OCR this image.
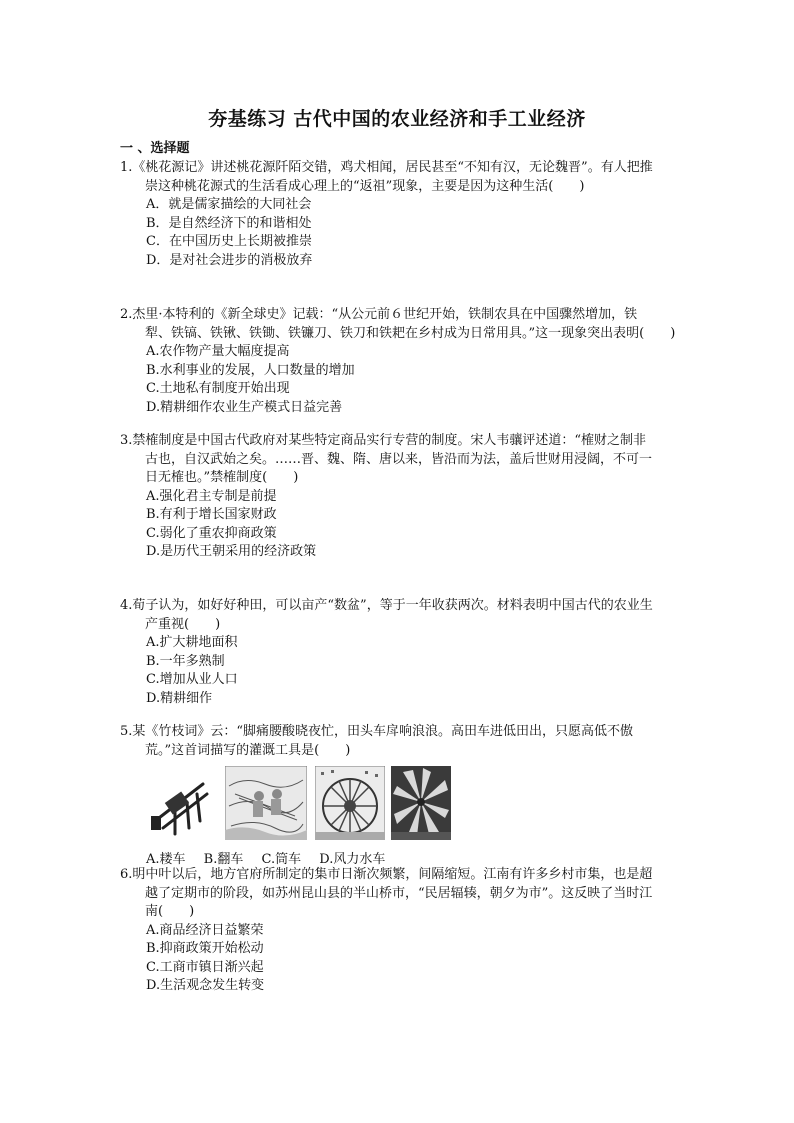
夯基练习 古代中国的农业经济和手工业经济
一 、选择题
1.《桃花源记》讲述桃花源阡陌交错，鸡犬相闻，居民甚至“不知有汉，无论魏晋”。有人把推
崇这种桃花源式的生活看成心理上的“返祖”现象，主要是因为这种生活(　　)
A．就是儒家描绘的大同社会
B．是自然经济下的和谐相处
C．在中国历史上长期被推崇
D．是对社会进步的消极放弃
2.杰里·本特利的《新全球史》记载：“从公元前６世纪开始，铁制农具在中国骤然增加，铁
犁、铁镐、铁锹、铁锄、铁镰刀、铁刀和铁耙在乡村成为日常用具。”这一现象突出表明(　　)
A.农作物产量大幅度提高
B.水利事业的发展，人口数量的增加
C.土地私有制度开始出现
D.精耕细作农业生产模式日益完善
3.禁榷制度是中国古代政府对某些特定商品实行专营的制度。宋人韦骧评述道：“榷财之制非
古也，自汉武始之矣。……晋、魏、隋、唐以来，皆沿而为法，盖后世财用浸阔，不可一
日无榷也。”禁榷制度(　　)
A.强化君主专制是前提
B.有利于增长国家财政
C.弱化了重农抑商政策
D.是历代王朝采用的经济政策
4.荀子认为，如好好种田，可以亩产“数盆”，等于一年收获两次。材料表明中国古代的农业生
产重视(　　)
A.扩大耕地面积
B.一年多熟制
C.增加从业人口
D.精耕细作
5.某《竹枝词》云：“脚痛腰酸晓夜忙，田头车戽响浪浪。高田车进低田出，只愿高低不傲
荒。”这首词描写的灌溉工具是(　　)
A.耧车 B.翻车 C.筒车 D.风力水车
6.明中叶以后，地方官府所制定的集市日渐次频繁，间隔缩短。江南有许多乡村市集，也是超
越了定期市的阶段，如苏州昆山县的半山桥市，“民居辐辏，朝夕为市”。这反映了当时江
南(　　)
A.商品经济日益繁荣
B.抑商政策开始松动
C.工商市镇日渐兴起
D.生活观念发生转变
